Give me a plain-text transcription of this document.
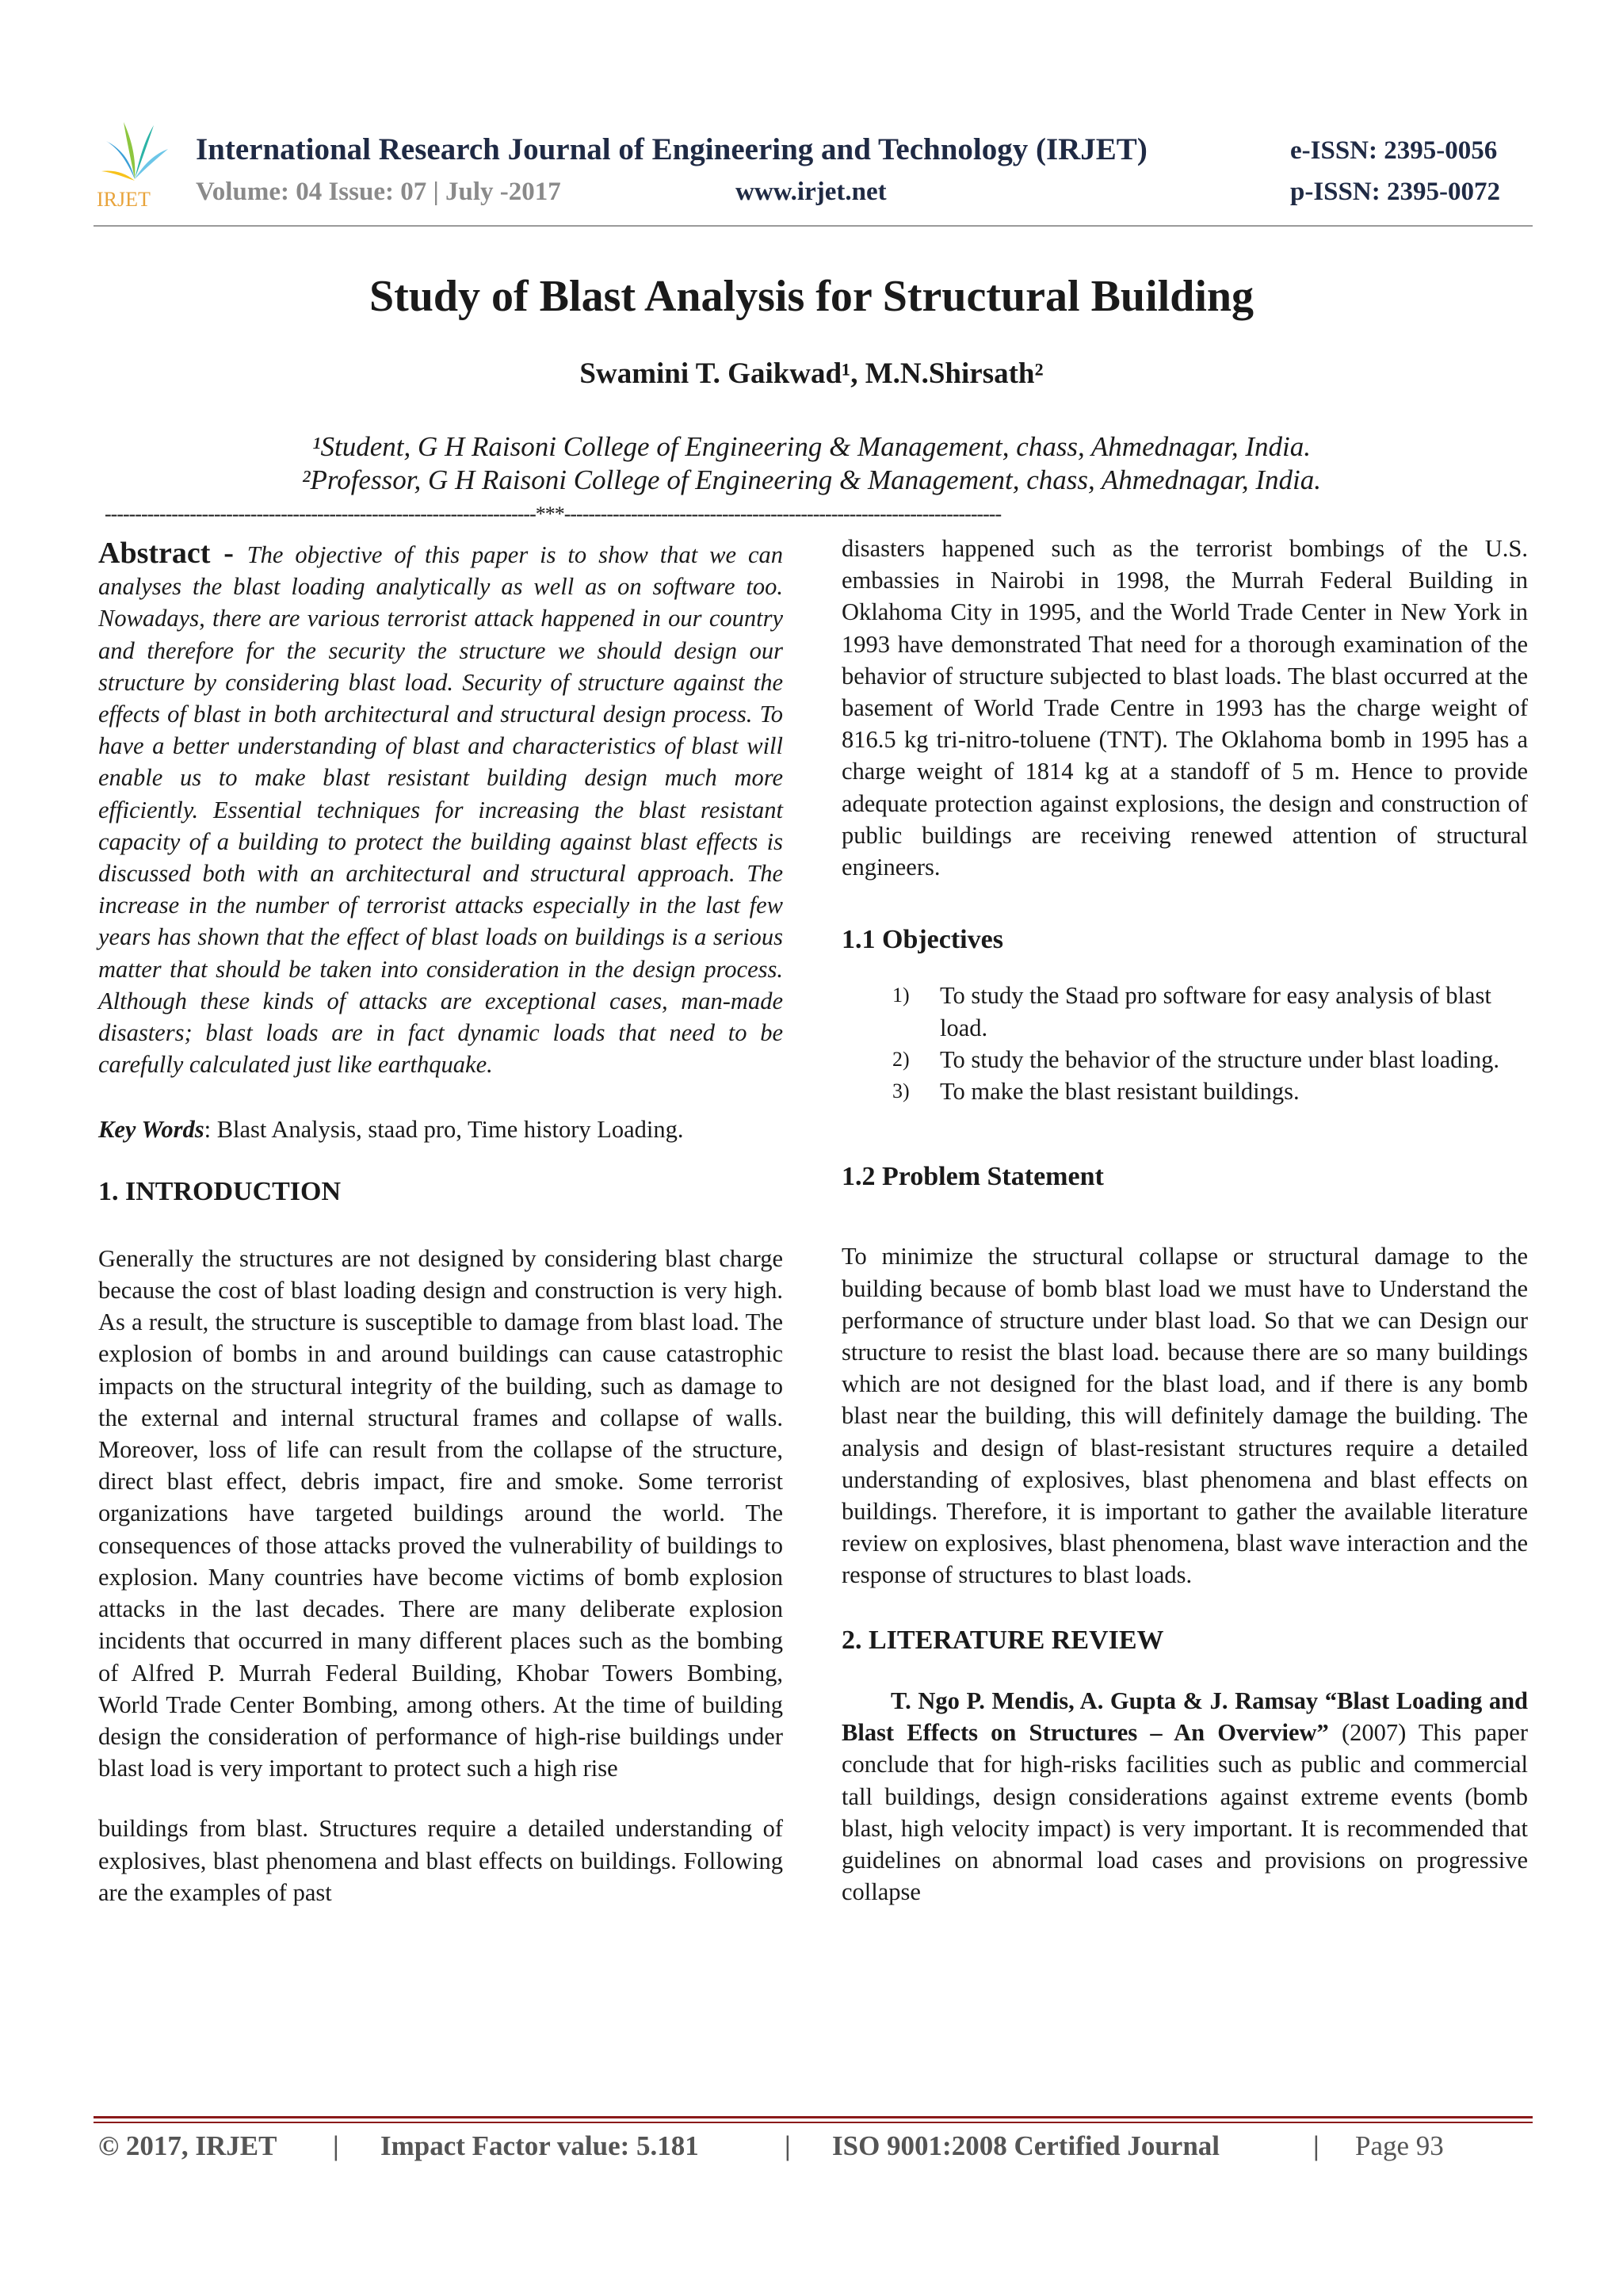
IRJET
International Research Journal of Engineering and Technology (IRJET)	e-ISSN: 2395-0056
Volume: 04 Issue: 07 | July -2017	www.irjet.net	p-ISSN: 2395-0072
Study of Blast Analysis for Structural Building
Swamini T. Gaikwad¹, M.N.Shirsath²
¹Student, G H Raisoni College of Engineering & Management, chass, Ahmednagar, India.
²Professor, G H Raisoni College of Engineering & Management, chass, Ahmednagar, India.
-----------------------------------------------------------------------***------------------------------------------------------------------------

Abstract - The objective of this paper is to show that we can analyses the blast loading analytically as well as on software too. Nowadays, there are various terrorist attack happened in our country and therefore for the security the structure we should design our structure by considering blast load. Security of structure against the effects of blast in both architectural and structural design process. To have a better understanding of blast and characteristics of blast will enable us to make blast resistant building design much more efficiently. Essential techniques for increasing the blast resistant capacity of a building to protect the building against blast effects is discussed both with an architectural and structural approach. The increase in the number of terrorist attacks especially in the last few years has shown that the effect of blast loads on buildings is a serious matter that should be taken into consideration in the design process. Although these kinds of attacks are exceptional cases, man-made disasters; blast loads are in fact dynamic loads that need to be carefully calculated just like earthquake.

Key Words: Blast Analysis, staad pro, Time history Loading.

1. INTRODUCTION

Generally the structures are not designed by considering blast charge because the cost of blast loading design and construction is very high. As a result, the structure is susceptible to damage from blast load. The explosion of bombs in and around buildings can cause catastrophic impacts on the structural integrity of the building, such as damage to the external and internal structural frames and collapse of walls. Moreover, loss of life can result from the collapse of the structure, direct blast effect, debris impact, fire and smoke. Some terrorist organizations have targeted buildings around the world. The consequences of those attacks proved the vulnerability of buildings to explosion. Many countries have become victims of bomb explosion attacks in the last decades. There are many deliberate explosion incidents that occurred in many different places such as the bombing of Alfred P. Murrah Federal Building, Khobar Towers Bombing, World Trade Center Bombing, among others. At the time of building design the consideration of performance of high-rise buildings under blast load is very important to protect such a high rise

buildings from blast. Structures require a detailed understanding of explosives, blast phenomena and blast effects on buildings. Following are the examples of past

disasters happened such as the terrorist bombings of the U.S. embassies in Nairobi in 1998, the Murrah Federal Building in Oklahoma City in 1995, and the World Trade Center in New York in 1993 have demonstrated That need for a thorough examination of the behavior of structure subjected to blast loads. The blast occurred at the basement of World Trade Centre in 1993 has the charge weight of 816.5 kg tri-nitro-toluene (TNT). The Oklahoma bomb in 1995 has a charge weight of 1814 kg at a standoff of 5 m. Hence to provide adequate protection against explosions, the design and construction of public buildings are receiving renewed attention of structural engineers.

1.1 Objectives

1) To study the Staad pro software for easy analysis of blast load.
2) To study the behavior of the structure under blast loading.
3) To make the blast resistant buildings.

1.2 Problem Statement

To minimize the structural collapse or structural damage to the building because of bomb blast load we must have to Understand the performance of structure under blast load. So that we can Design our structure to resist the blast load. because there are so many buildings which are not designed for the blast load, and if there is any bomb blast near the building, this will definitely damage the building. The analysis and design of blast-resistant structures require a detailed understanding of explosives, blast phenomena and blast effects on buildings. Therefore, it is important to gather the available literature review on explosives, blast phenomena, blast wave interaction and the response of structures to blast loads.

2. LITERATURE REVIEW

T. Ngo P. Mendis, A. Gupta & J. Ramsay “Blast Loading and Blast Effects on Structures – An Overview” (2007) This paper conclude that for high-risks facilities such as public and commercial tall buildings, design considerations against extreme events (bomb blast, high velocity impact) is very important. It is recommended that guidelines on abnormal load cases and provisions on progressive collapse

© 2017, IRJET | Impact Factor value: 5.181	| ISO 9001:2008 Certified Journal	| Page 93
